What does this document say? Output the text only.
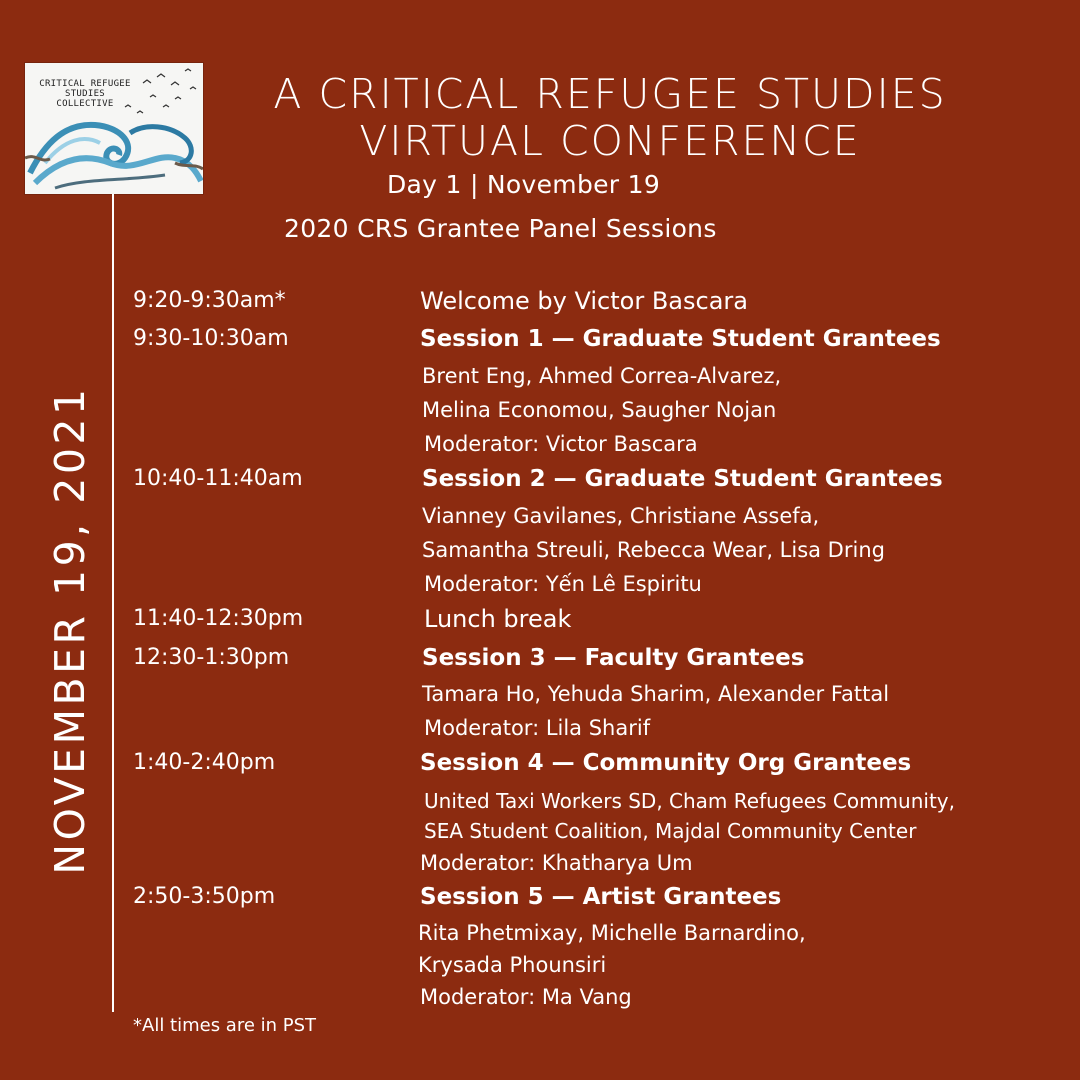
CRITICAL REFUGEE
STUDIES COLLECTIVE
NOVEMBER 19, 2021
A CRITICAL REFUGEE STUDIES
VIRTUAL CONFERENCE
Day 1 | November 19
2020 CRS Grantee Panel Sessions
9:20-9:30am*	Welcome by Victor Bascara
9:30-10:30am	Session 1 — Graduate Student Grantees
Brent Eng, Ahmed Correa-Alvarez,
Melina Economou, Saugher Nojan
Moderator: Victor Bascara
10:40-11:40am	Session 2 — Graduate Student Grantees
Vianney Gavilanes, Christiane Assefa,
Samantha Streuli, Rebecca Wear, Lisa Dring
Moderator: Yến Lê Espiritu
11:40-12:30pm	Lunch break
12:30-1:30pm	Session 3 — Faculty Grantees
Tamara Ho, Yehuda Sharim, Alexander Fattal
Moderator: Lila Sharif
1:40-2:40pm	Session 4 — Community Org Grantees
United Taxi Workers SD, Cham Refugees Community,
SEA Student Coalition, Majdal Community Center
Moderator: Khatharya Um
2:50-3:50pm	Session 5 — Artist Grantees
Rita Phetmixay, Michelle Barnardino,
Krysada Phounsiri
Moderator: Ma Vang
*All times are in PST
